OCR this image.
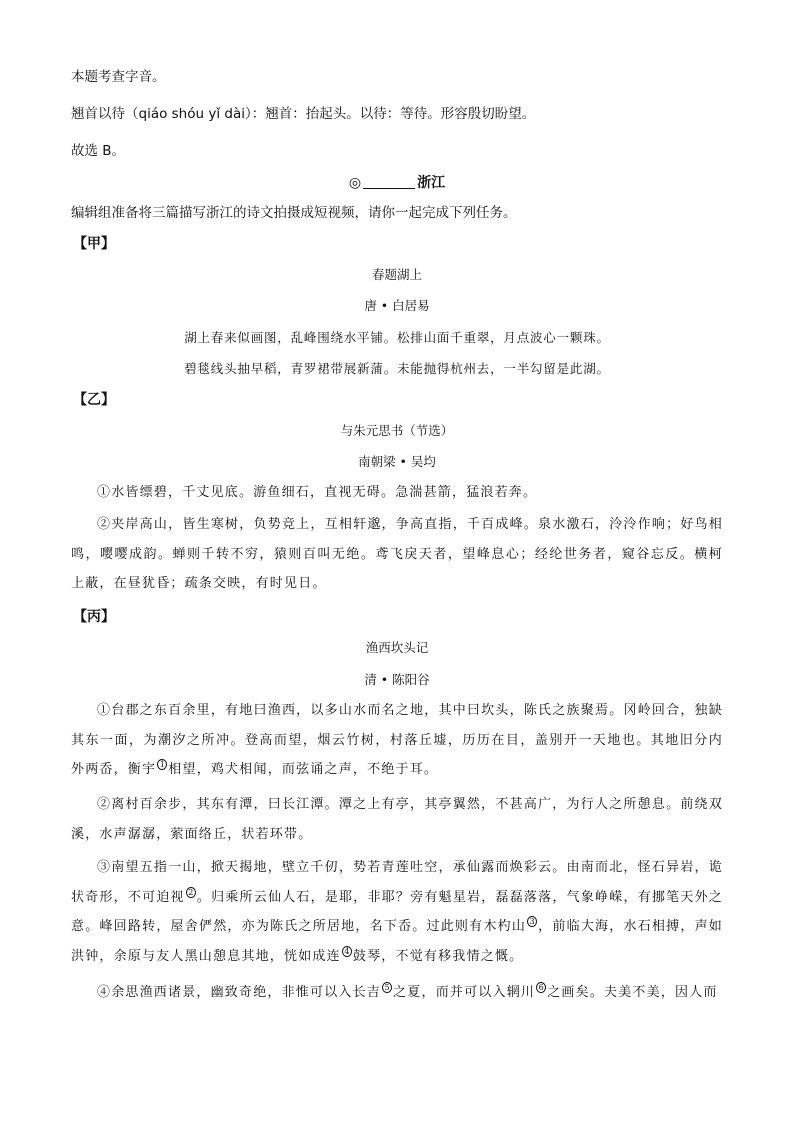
本题考查字音。
翘首以待（qiáo shóu yǐ dài）：翘首：抬起头。以待：等待。形容殷切盼望。
故选 B。
◎	浙江
编辑组准备将三篇描写浙江的诗文拍摄成短视频，请你一起完成下列任务。
【甲】
春题湖上
唐 • 白居易
湖上春来似画图，乱峰围绕水平铺。松排山面千重翠，月点波心一颗珠。
碧毯线头抽早稻，青罗裙带展新蒲。未能抛得杭州去，一半勾留是此湖。
【乙】
与朱元思书（节选）
南朝梁 • 吴均
①水皆缥碧，千丈见底。游鱼细石，直视无碍。急湍甚箭，猛浪若奔。
②夹岸高山，皆生寒树，负势竞上，互相轩邈，争高直指，千百成峰。泉水激石，泠泠作响；好鸟相鸣，嘤嘤成韵。蝉则千转不穷，猿则百叫无绝。鸢飞戾天者，望峰息心；经纶世务者，窥谷忘反。横柯上蔽，在昼犹昏；疏条交映，有时见日。
【丙】
渔西坎头记
清 • 陈阳谷
①台郡之东百余里，有地曰渔西，以多山水而名之地，其中曰坎头，陈氏之族聚焉。冈岭回合，独缺其东一面，为潮汐之所冲。登高而望，烟云竹树，村落丘墟，历历在目，盖别开一天地也。其地旧分内外两岙，衡宇 $^1$ 相望，鸡犬相闻，而弦诵之声，不绝于耳。
②离村百余步，其东有潭，曰长江潭。潭之上有亭，其亭翼然，不甚高广，为行人之所憩息。前绕双溪，水声潺潺，萦面络丘，状若环带。
③南望五指一山，掀天揭地，壁立千仞，势若青莲吐空，承仙露而焕彩云。由南而北，怪石异岩，诡状奇形，不可迫视 $^2$ 。归乘所云仙人石，是耶，非耶？旁有魁星岩，磊磊落落，气象峥嵘，有挪笔天外之意。峰回路转，屋舍俨然，亦为陈氏之所居地，名下岙。过此则有木杓山 $^3$ ，前临大海，水石相搏，声如洪钟，余原与友人黑山憩息其地，恍如成连 $^4$ 鼓琴，不觉有移我情之慨。
④余思渔西诸景，幽致奇绝，非惟可以入长吉 $^5$ 之夏，而并可以入辋川 $^6$ 之画矣。夫美不美，因人而
